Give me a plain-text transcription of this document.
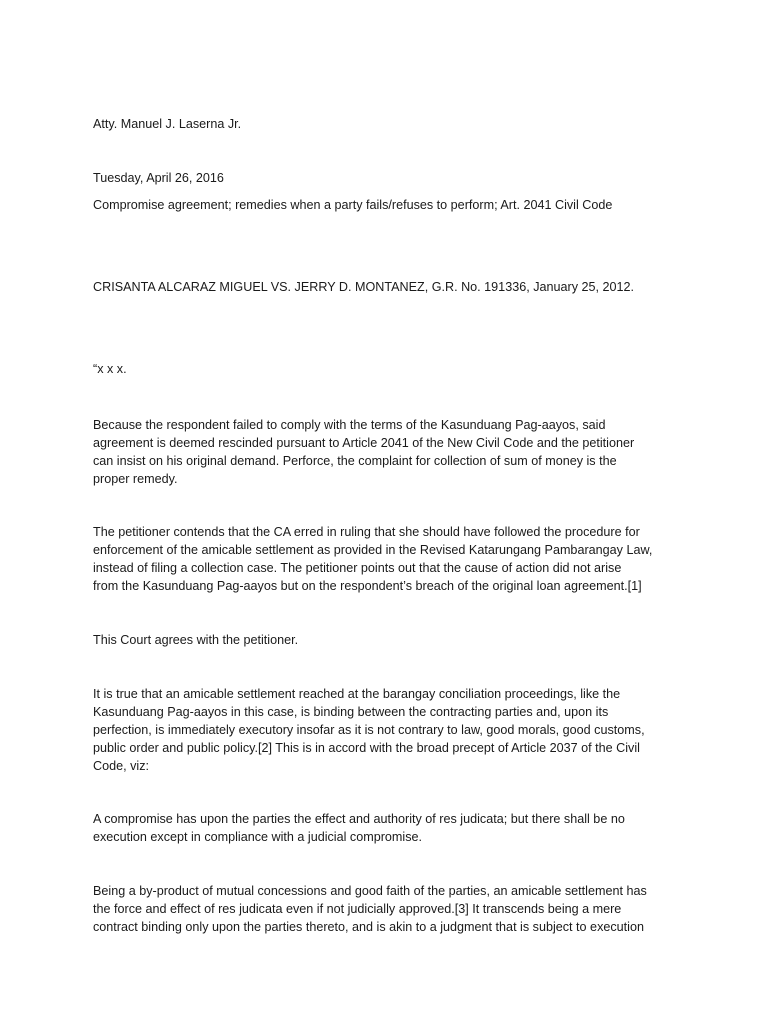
Atty. Manuel J. Laserna Jr.
Tuesday, April 26, 2016
Compromise agreement; remedies when a party fails/refuses to perform; Art. 2041 Civil Code
CRISANTA ALCARAZ MIGUEL VS. JERRY D. MONTANEZ, G.R. No. 191336, January 25, 2012.
“x x x.
Because the respondent failed to comply with the terms of the Kasunduang Pag-aayos, said
agreement is deemed rescinded pursuant to Article 2041 of the New Civil Code and the petitioner
can insist on his original demand. Perforce, the complaint for collection of sum of money is the
proper remedy.
The petitioner contends that the CA erred in ruling that she should have followed the procedure for
enforcement of the amicable settlement as provided in the Revised Katarungang Pambarangay Law,
instead of filing a collection case. The petitioner points out that the cause of action did not arise
from the Kasunduang Pag-aayos but on the respondent’s breach of the original loan agreement.[1]
This Court agrees with the petitioner.
It is true that an amicable settlement reached at the barangay conciliation proceedings, like the
Kasunduang Pag-aayos in this case, is binding between the contracting parties and, upon its
perfection, is immediately executory insofar as it is not contrary to law, good morals, good customs,
public order and public policy.[2] This is in accord with the broad precept of Article 2037 of the Civil
Code, viz:
A compromise has upon the parties the effect and authority of res judicata; but there shall be no
execution except in compliance with a judicial compromise.
Being a by-product of mutual concessions and good faith of the parties, an amicable settlement has
the force and effect of res judicata even if not judicially approved.[3] It transcends being a mere
contract binding only upon the parties thereto, and is akin to a judgment that is subject to execution
